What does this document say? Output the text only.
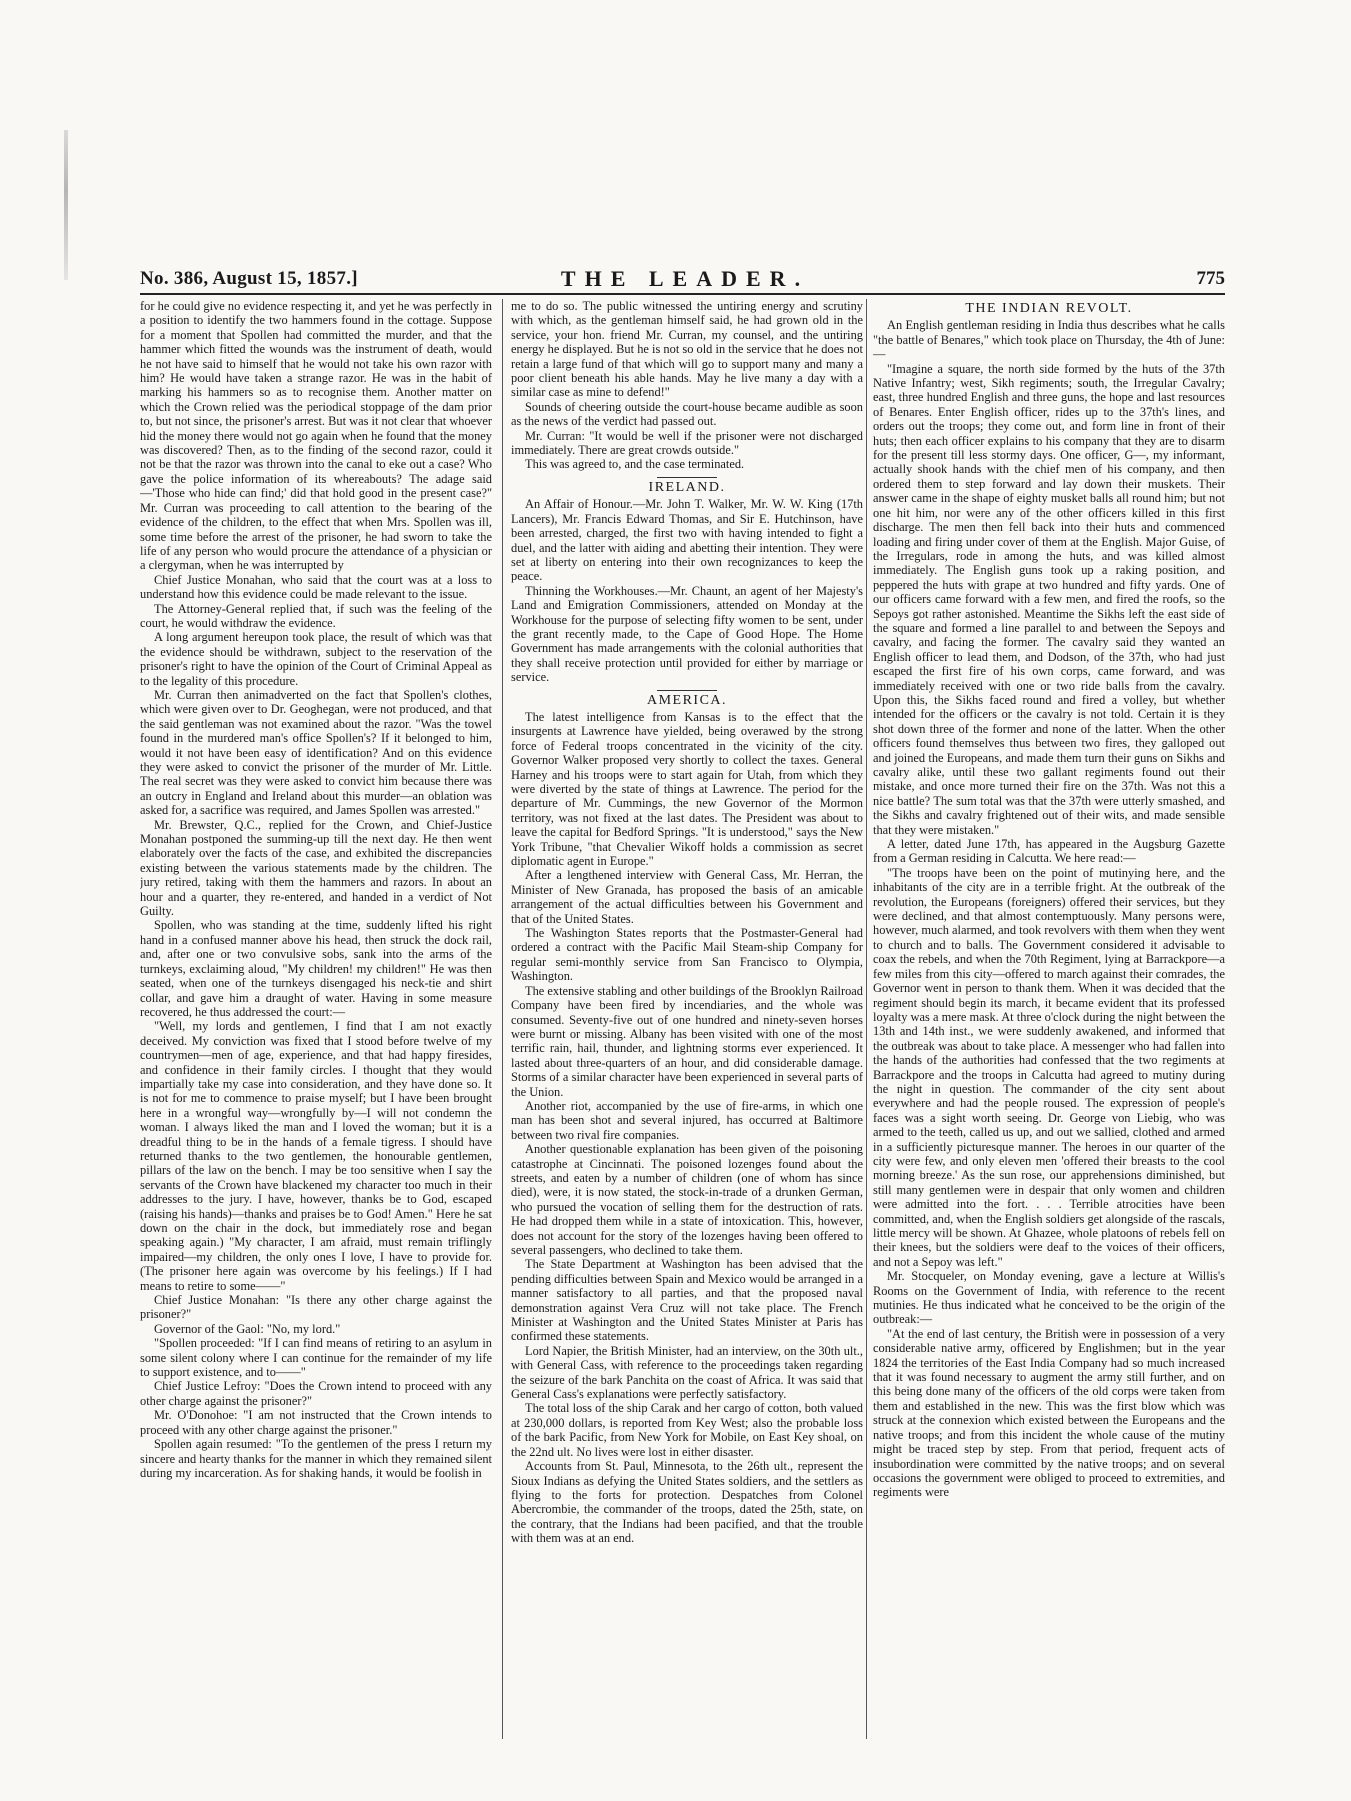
No. 386, August 15, 1857.]	THE LEADER.	775

for he could give no evidence respecting it, and yet he was perfectly in a position to identify the two hammers found in the cottage. Suppose for a moment that Spollen had committed the murder, and that the hammer which fitted the wounds was the instrument of death, would he not have said to himself that he would not take his own razor with him? He would have taken a strange razor. He was in the habit of marking his hammers so as to recognise them. Another matter on which the Crown relied was the periodical stoppage of the dam prior to, but not since, the prisoner's arrest. But was it not clear that whoever hid the money there would not go again when he found that the money was discovered? Then, as to the finding of the second razor, could it not be that the razor was thrown into the canal to eke out a case? Who gave the police information of its whereabouts? The adage said—'Those who hide can find;' did that hold good in the present case?" Mr. Curran was proceeding to call attention to the bearing of the evidence of the children, to the effect that when Mrs. Spollen was ill, some time before the arrest of the prisoner, he had sworn to take the life of any person who would procure the attendance of a physician or a clergyman, when he was interrupted by

Chief Justice Monahan, who said that the court was at a loss to understand how this evidence could be made relevant to the issue.

The Attorney-General replied that, if such was the feeling of the court, he would withdraw the evidence.

A long argument hereupon took place, the result of which was that the evidence should be withdrawn, subject to the reservation of the prisoner's right to have the opinion of the Court of Criminal Appeal as to the legality of this procedure.

Mr. Curran then animadverted on the fact that Spollen's clothes, which were given over to Dr. Geoghegan, were not produced, and that the said gentleman was not examined about the razor. "Was the towel found in the murdered man's office Spollen's? If it belonged to him, would it not have been easy of identification? And on this evidence they were asked to convict the prisoner of the murder of Mr. Little. The real secret was they were asked to convict him because there was an outcry in England and Ireland about this murder—an oblation was asked for, a sacrifice was required, and James Spollen was arrested."

Mr. Brewster, Q.C., replied for the Crown, and Chief-Justice Monahan postponed the summing-up till the next day. He then went elaborately over the facts of the case, and exhibited the discrepancies existing between the various statements made by the children. The jury retired, taking with them the hammers and razors. In about an hour and a quarter, they re-entered, and handed in a verdict of Not Guilty.

Spollen, who was standing at the time, suddenly lifted his right hand in a confused manner above his head, then struck the dock rail, and, after one or two convulsive sobs, sank into the arms of the turnkeys, exclaiming aloud, "My children! my children!" He was then seated, when one of the turnkeys disengaged his neck-tie and shirt collar, and gave him a draught of water. Having in some measure recovered, he thus addressed the court:—

"Well, my lords and gentlemen, I find that I am not exactly deceived. My conviction was fixed that I stood before twelve of my countrymen—men of age, experience, and that had happy firesides, and confidence in their family circles. I thought that they would impartially take my case into consideration, and they have done so. It is not for me to commence to praise myself; but I have been brought here in a wrongful way—wrongfully by—I will not condemn the woman. I always liked the man and I loved the woman; but it is a dreadful thing to be in the hands of a female tigress. I should have returned thanks to the two gentlemen, the honourable gentlemen, pillars of the law on the bench. I may be too sensitive when I say the servants of the Crown have blackened my character too much in their addresses to the jury. I have, however, thanks be to God, escaped (raising his hands)—thanks and praises be to God! Amen." Here he sat down on the chair in the dock, but immediately rose and began speaking again.) "My character, I am afraid, must remain triflingly impaired—my children, the only ones I love, I have to provide for. (The prisoner here again was overcome by his feelings.) If I had means to retire to some——"

Chief Justice Monahan: "Is there any other charge against the prisoner?"

Governor of the Gaol: "No, my lord."

"Spollen proceeded: "If I can find means of retiring to an asylum in some silent colony where I can continue for the remainder of my life to support existence, and to——"

Chief Justice Lefroy: "Does the Crown intend to proceed with any other charge against the prisoner?"

Mr. O'Donohoe: "I am not instructed that the Crown intends to proceed with any other charge against the prisoner."

Spollen again resumed: "To the gentlemen of the press I return my sincere and hearty thanks for the manner in which they remained silent during my incarceration. As for shaking hands, it would be foolish in

me to do so. The public witnessed the untiring energy and scrutiny with which, as the gentleman himself said, he had grown old in the service, your hon. friend Mr. Curran, my counsel, and the untiring energy he displayed. But he is not so old in the service that he does not retain a large fund of that which will go to support many and many a poor client beneath his able hands. May he live many a day with a similar case as mine to defend!"

Sounds of cheering outside the court-house became audible as soon as the news of the verdict had passed out.

Mr. Curran: "It would be well if the prisoner were not discharged immediately. There are great crowds outside."

This was agreed to, and the case terminated.

IRELAND.

An Affair of Honour.—Mr. John T. Walker, Mr. W. W. King (17th Lancers), Mr. Francis Edward Thomas, and Sir E. Hutchinson, have been arrested, charged, the first two with having intended to fight a duel, and the latter with aiding and abetting their intention. They were set at liberty on entering into their own recognizances to keep the peace.

Thinning the Workhouses.—Mr. Chaunt, an agent of her Majesty's Land and Emigration Commissioners, attended on Monday at the Workhouse for the purpose of selecting fifty women to be sent, under the grant recently made, to the Cape of Good Hope. The Home Government has made arrangements with the colonial authorities that they shall receive protection until provided for either by marriage or service.

AMERICA.

The latest intelligence from Kansas is to the effect that the insurgents at Lawrence have yielded, being overawed by the strong force of Federal troops concentrated in the vicinity of the city. Governor Walker proposed very shortly to collect the taxes. General Harney and his troops were to start again for Utah, from which they were diverted by the state of things at Lawrence. The period for the departure of Mr. Cummings, the new Governor of the Mormon territory, was not fixed at the last dates. The President was about to leave the capital for Bedford Springs. "It is understood," says the New York Tribune, "that Chevalier Wikoff holds a commission as secret diplomatic agent in Europe."

After a lengthened interview with General Cass, Mr. Herran, the Minister of New Granada, has proposed the basis of an amicable arrangement of the actual difficulties between his Government and that of the United States.

The Washington States reports that the Postmaster-General had ordered a contract with the Pacific Mail Steam-ship Company for regular semi-monthly service from San Francisco to Olympia, Washington.

The extensive stabling and other buildings of the Brooklyn Railroad Company have been fired by incendiaries, and the whole was consumed. Seventy-five out of one hundred and ninety-seven horses were burnt or missing. Albany has been visited with one of the most terrific rain, hail, thunder, and lightning storms ever experienced. It lasted about three-quarters of an hour, and did considerable damage. Storms of a similar character have been experienced in several parts of the Union.

Another riot, accompanied by the use of fire-arms, in which one man has been shot and several injured, has occurred at Baltimore between two rival fire companies.

Another questionable explanation has been given of the poisoning catastrophe at Cincinnati. The poisoned lozenges found about the streets, and eaten by a number of children (one of whom has since died), were, it is now stated, the stock-in-trade of a drunken German, who pursued the vocation of selling them for the destruction of rats. He had dropped them while in a state of intoxication. This, however, does not account for the story of the lozenges having been offered to several passengers, who declined to take them.

The State Department at Washington has been advised that the pending difficulties between Spain and Mexico would be arranged in a manner satisfactory to all parties, and that the proposed naval demonstration against Vera Cruz will not take place. The French Minister at Washington and the United States Minister at Paris has confirmed these statements.

Lord Napier, the British Minister, had an interview, on the 30th ult., with General Cass, with reference to the proceedings taken regarding the seizure of the bark Panchita on the coast of Africa. It was said that General Cass's explanations were perfectly satisfactory.

The total loss of the ship Carak and her cargo of cotton, both valued at 230,000 dollars, is reported from Key West; also the probable loss of the bark Pacific, from New York for Mobile, on East Key shoal, on the 22nd ult. No lives were lost in either disaster.

Accounts from St. Paul, Minnesota, to the 26th ult., represent the Sioux Indians as defying the United States soldiers, and the settlers as flying to the forts for protection. Despatches from Colonel Abercrombie, the commander of the troops, dated the 25th, state, on the contrary, that the Indians had been pacified, and that the trouble with them was at an end.

THE INDIAN REVOLT.

An English gentleman residing in India thus describes what he calls "the battle of Benares," which took place on Thursday, the 4th of June:—

"Imagine a square, the north side formed by the huts of the 37th Native Infantry; west, Sikh regiments; south, the Irregular Cavalry; east, three hundred English and three guns, the hope and last resources of Benares. Enter English officer, rides up to the 37th's lines, and orders out the troops; they come out, and form line in front of their huts; then each officer explains to his company that they are to disarm for the present till less stormy days. One officer, G—, my informant, actually shook hands with the chief men of his company, and then ordered them to step forward and lay down their muskets. Their answer came in the shape of eighty musket balls all round him; but not one hit him, nor were any of the other officers killed in this first discharge. The men then fell back into their huts and commenced loading and firing under cover of them at the English. Major Guise, of the Irregulars, rode in among the huts, and was killed almost immediately. The English guns took up a raking position, and peppered the huts with grape at two hundred and fifty yards. One of our officers came forward with a few men, and fired the roofs, so the Sepoys got rather astonished. Meantime the Sikhs left the east side of the square and formed a line parallel to and between the Sepoys and cavalry, and facing the former. The cavalry said they wanted an English officer to lead them, and Dodson, of the 37th, who had just escaped the first fire of his own corps, came forward, and was immediately received with one or two ride balls from the cavalry. Upon this, the Sikhs faced round and fired a volley, but whether intended for the officers or the cavalry is not told. Certain it is they shot down three of the former and none of the latter. When the other officers found themselves thus between two fires, they galloped out and joined the Europeans, and made them turn their guns on Sikhs and cavalry alike, until these two gallant regiments found out their mistake, and once more turned their fire on the 37th. Was not this a nice battle? The sum total was that the 37th were utterly smashed, and the Sikhs and cavalry frightened out of their wits, and made sensible that they were mistaken."

A letter, dated June 17th, has appeared in the Augsburg Gazette from a German residing in Calcutta. We here read:—

"The troops have been on the point of mutinying here, and the inhabitants of the city are in a terrible fright. At the outbreak of the revolution, the Europeans (foreigners) offered their services, but they were declined, and that almost contemptuously. Many persons were, however, much alarmed, and took revolvers with them when they went to church and to balls. The Government considered it advisable to coax the rebels, and when the 70th Regiment, lying at Barrackpore—a few miles from this city—offered to march against their comrades, the Governor went in person to thank them. When it was decided that the regiment should begin its march, it became evident that its professed loyalty was a mere mask. At three o'clock during the night between the 13th and 14th inst., we were suddenly awakened, and informed that the outbreak was about to take place. A messenger who had fallen into the hands of the authorities had confessed that the two regiments at Barrackpore and the troops in Calcutta had agreed to mutiny during the night in question. The commander of the city sent about everywhere and had the people roused. The expression of people's faces was a sight worth seeing. Dr. George von Liebig, who was armed to the teeth, called us up, and out we sallied, clothed and armed in a sufficiently picturesque manner. The heroes in our quarter of the city were few, and only eleven men 'offered their breasts to the cool morning breeze.' As the sun rose, our apprehensions diminished, but still many gentlemen were in despair that only women and children were admitted into the fort. . . . Terrible atrocities have been committed, and, when the English soldiers get alongside of the rascals, little mercy will be shown. At Ghazee, whole platoons of rebels fell on their knees, but the soldiers were deaf to the voices of their officers, and not a Sepoy was left."

Mr. Stocqueler, on Monday evening, gave a lecture at Willis's Rooms on the Government of India, with reference to the recent mutinies. He thus indicated what he conceived to be the origin of the outbreak:—

"At the end of last century, the British were in possession of a very considerable native army, officered by Englishmen; but in the year 1824 the territories of the East India Company had so much increased that it was found necessary to augment the army still further, and on this being done many of the officers of the old corps were taken from them and established in the new. This was the first blow which was struck at the connexion which existed between the Europeans and the native troops; and from this incident the whole cause of the mutiny might be traced step by step. From that period, frequent acts of insubordination were committed by the native troops; and on several occasions the government were obliged to proceed to extremities, and regiments were
